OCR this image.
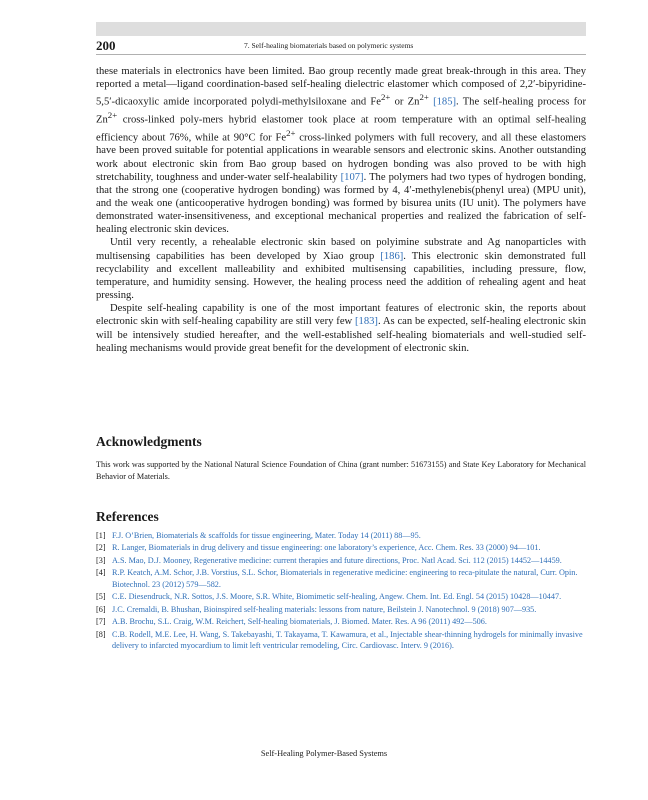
200	7. Self-healing biomaterials based on polymeric systems

these materials in electronics have been limited. Bao group recently made great break-through in this area. They reported a metal—ligand coordination-based self-healing dielectric elastomer which composed of 2,2′-bipyridine-5,5′-dicaoxylic amide incorporated polydi-methylsiloxane and $Fe^{2+}$ or $Zn^{2+}$ [185]. The self-healing process for $Zn^{2+}$ cross-linked poly-mers hybrid elastomer took place at room temperature with an optimal self-healing efficiency about 76%, while at 90°C for $Fe^{2+}$ cross-linked polymers with full recovery, and all these elastomers have been proved suitable for potential applications in wearable sensors and electronic skins. Another outstanding work about electronic skin from Bao group based on hydrogen bonding was also proved to be with high stretchability, toughness and under-water self-healability [107]. The polymers had two types of hydrogen bonding, that the strong one (cooperative hydrogen bonding) was formed by 4, 4′-methylenebis(phenyl urea) (MPU unit), and the weak one (anticooperative hydrogen bonding) was formed by bisurea units (IU unit). The polymers have demonstrated water-insensitiveness, and exceptional mechanical properties and realized the fabrication of self-healing electronic skin devices.

Until very recently, a rehealable electronic skin based on polyimine substrate and Ag nanoparticles with multisensing capabilities has been developed by Xiao group [186]. This electronic skin demonstrated full recyclability and excellent malleability and exhibited multisensing capabilities, including pressure, flow, temperature, and humidity sensing. However, the healing process need the addition of rehealing agent and heat pressing.

Despite self-healing capability is one of the most important features of electronic skin, the reports about electronic skin with self-healing capability are still very few [183]. As can be expected, self-healing electronic skin will be intensively studied hereafter, and the well-established self-healing biomaterials and well-studied self-healing mechanisms would provide great benefit for the development of electronic skin.

Acknowledgments
This work was supported by the National Natural Science Foundation of China (grant number: 51673155) and State Key Laboratory for Mechanical Behavior of Materials.
References
[1] F.J. O’Brien, Biomaterials & scaffolds for tissue engineering, Mater. Today 14 (2011) 88—95.
[2] R. Langer, Biomaterials in drug delivery and tissue engineering: one laboratory’s experience, Acc. Chem. Res. 33 (2000) 94—101.
[3] A.S. Mao, D.J. Mooney, Regenerative medicine: current therapies and future directions, Proc. Natl Acad. Sci. 112 (2015) 14452—14459.
[4] R.P. Keatch, A.M. Schor, J.B. Vorstius, S.L. Schor, Biomaterials in regenerative medicine: engineering to reca-pitulate the natural, Curr. Opin. Biotechnol. 23 (2012) 579—582.
[5] C.E. Diesendruck, N.R. Sottos, J.S. Moore, S.R. White, Biomimetic self-healing, Angew. Chem. Int. Ed. Engl. 54 (2015) 10428—10447.
[6] J.C. Cremaldi, B. Bhushan, Bioinspired self-healing materials: lessons from nature, Beilstein J. Nanotechnol. 9 (2018) 907—935.
[7] A.B. Brochu, S.L. Craig, W.M. Reichert, Self-healing biomaterials, J. Biomed. Mater. Res. A 96 (2011) 492—506.
[8] C.B. Rodell, M.E. Lee, H. Wang, S. Takebayashi, T. Takayama, T. Kawamura, et al., Injectable shear-thinning hydrogels for minimally invasive delivery to infarcted myocardium to limit left ventricular remodeling, Circ. Cardiovasc. Interv. 9 (2016).
Self-Healing Polymer-Based Systems
